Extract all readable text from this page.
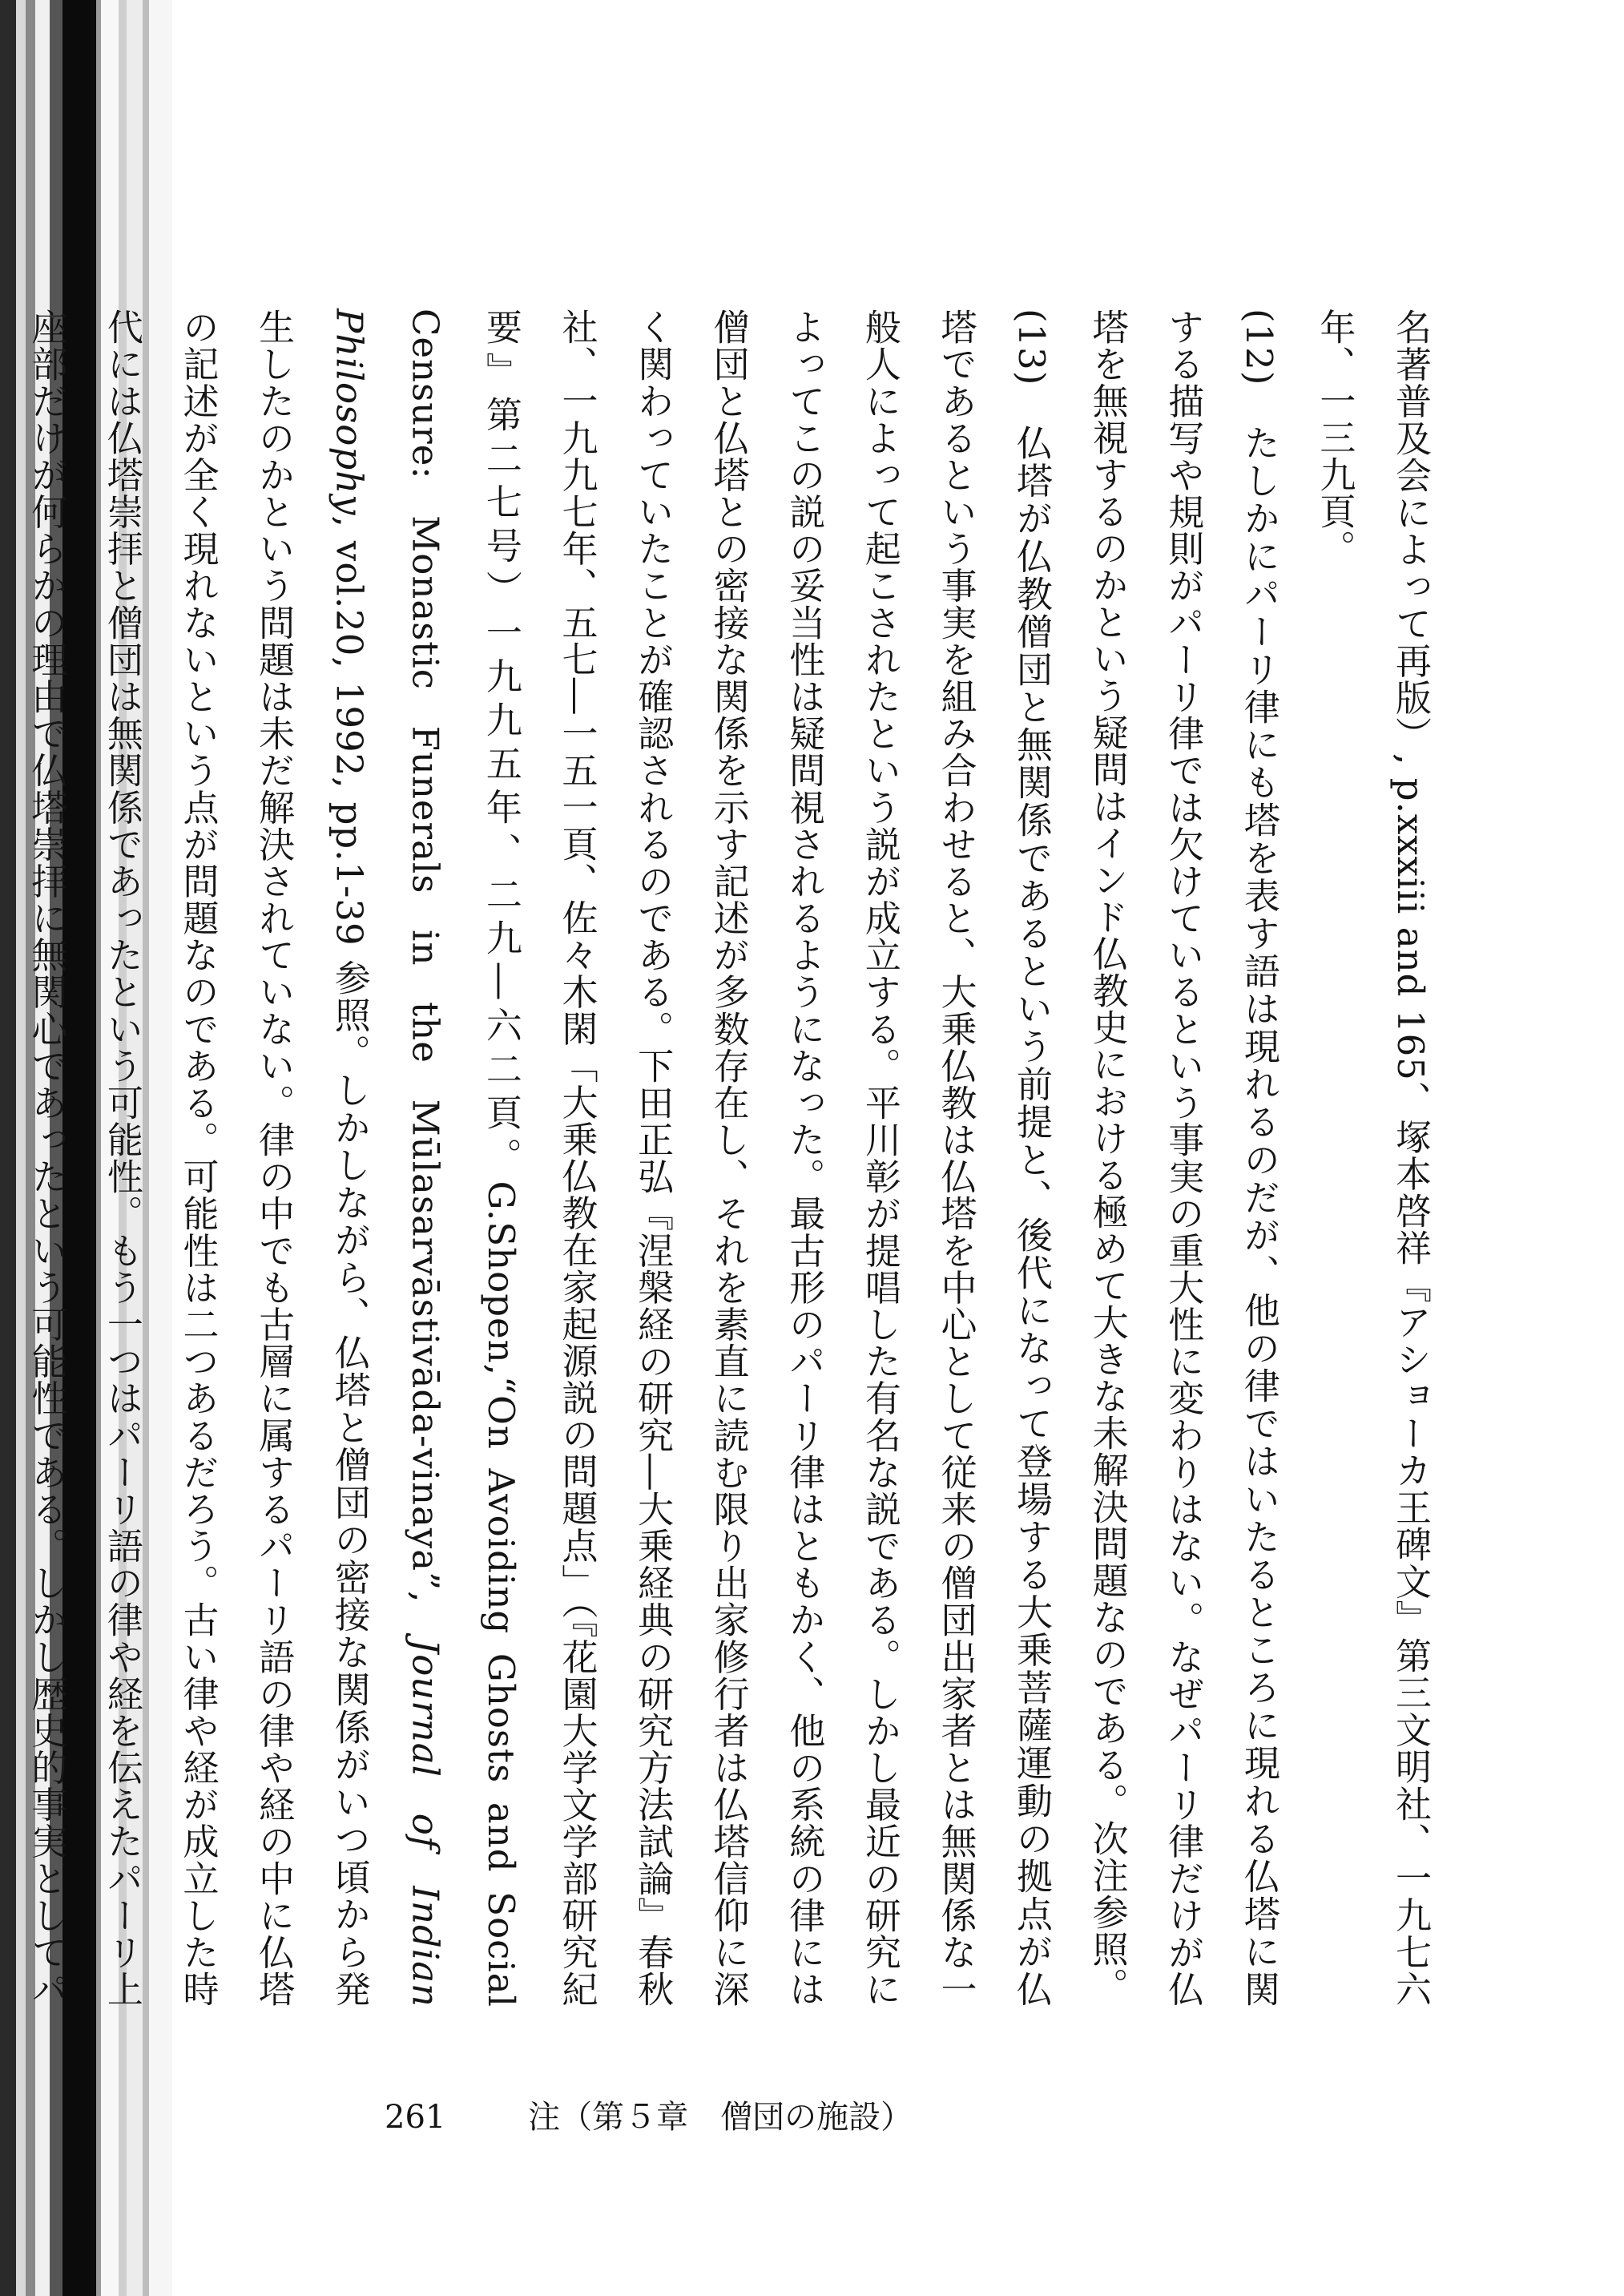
名著普及会によって再版）, p.xxxiii and 165、塚本啓祥『アショーカ王碑文』第三文明社、一九七六年、一三九頁。

(12)　たしかにパーリ律にも塔を表す語は現れるのだが、他の律ではいたるところに現れる仏塔に関する描写や規則がパーリ律では欠けているという事実の重大性に変わりはない。なぜパーリ律だけが仏塔を無視するのかという疑問はインド仏教史における極めて大きな未解決問題なのである。次注参照。

(13)　仏塔が仏教僧団と無関係であるという前提と、後代になって登場する大乗菩薩運動の拠点が仏塔であるという事実を組み合わせると、大乗仏教は仏塔を中心として従来の僧団出家者とは無関係な一般人によって起こされたという説が成立する。平川彰が提唱した有名な説である。しかし最近の研究によってこの説の妥当性は疑問視されるようになった。最古形のパーリ律はともかく、他の系統の律には僧団と仏塔との密接な関係を示す記述が多数存在し、それを素直に読む限り出家修行者は仏塔信仰に深く関わっていたことが確認されるのである。下田正弘『涅槃経の研究―大乗経典の研究方法試論』春秋社、一九九七年、五七―一五一頁、佐々木閑「大乗仏教在家起源説の問題点」（『花園大学文学部研究紀要』第二七号）一九九五年、二九―六二頁。G.Shopen,“On Avoiding Ghosts and Social Censure: Monastic Funerals in the Mūlasarvāstivāda-vinaya”, Journal of Indian Philosophy, vol.20, 1992, pp.1-39 参照。しかしながら、仏塔と僧団の密接な関係がいつ頃から発生したのかという問題は未だ解決されていない。律の中でも古層に属するパーリ語の律や経の中に仏塔の記述が全く現れないという点が問題なのである。可能性は二つあるだろう。古い律や経が成立した時代には仏塔崇拝と僧団は無関係であったという可能性。もう一つはパーリ語の律や経を伝えたパーリ上座部だけが何らかの理由で仏塔崇拝に無関心であったという可能性である。しかし歴史的事実としてパ

261	注（第５章　僧団の施設）
